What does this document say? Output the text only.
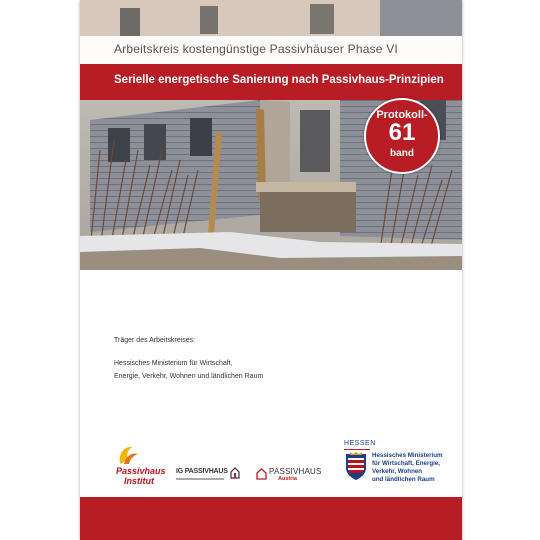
Arbeitskreis kostengünstige Passivhäuser Phase VI
Serielle energetische Sanierung nach Passivhaus-Prinzipien
Protokoll-
61
band
Träger des Arbeitskreises:
Hessisches Ministerium für Wirtschaft,
Energie, Verkehr, Wohnen und ländlichen Raum
Passivhaus
Institut
IG PASSIVHAUS	PASSIVHAUS
Austria
HESSEN
Hessisches Ministerium
für Wirtschaft, Energie,
Verkehr, Wohnen
und ländlichen Raum
